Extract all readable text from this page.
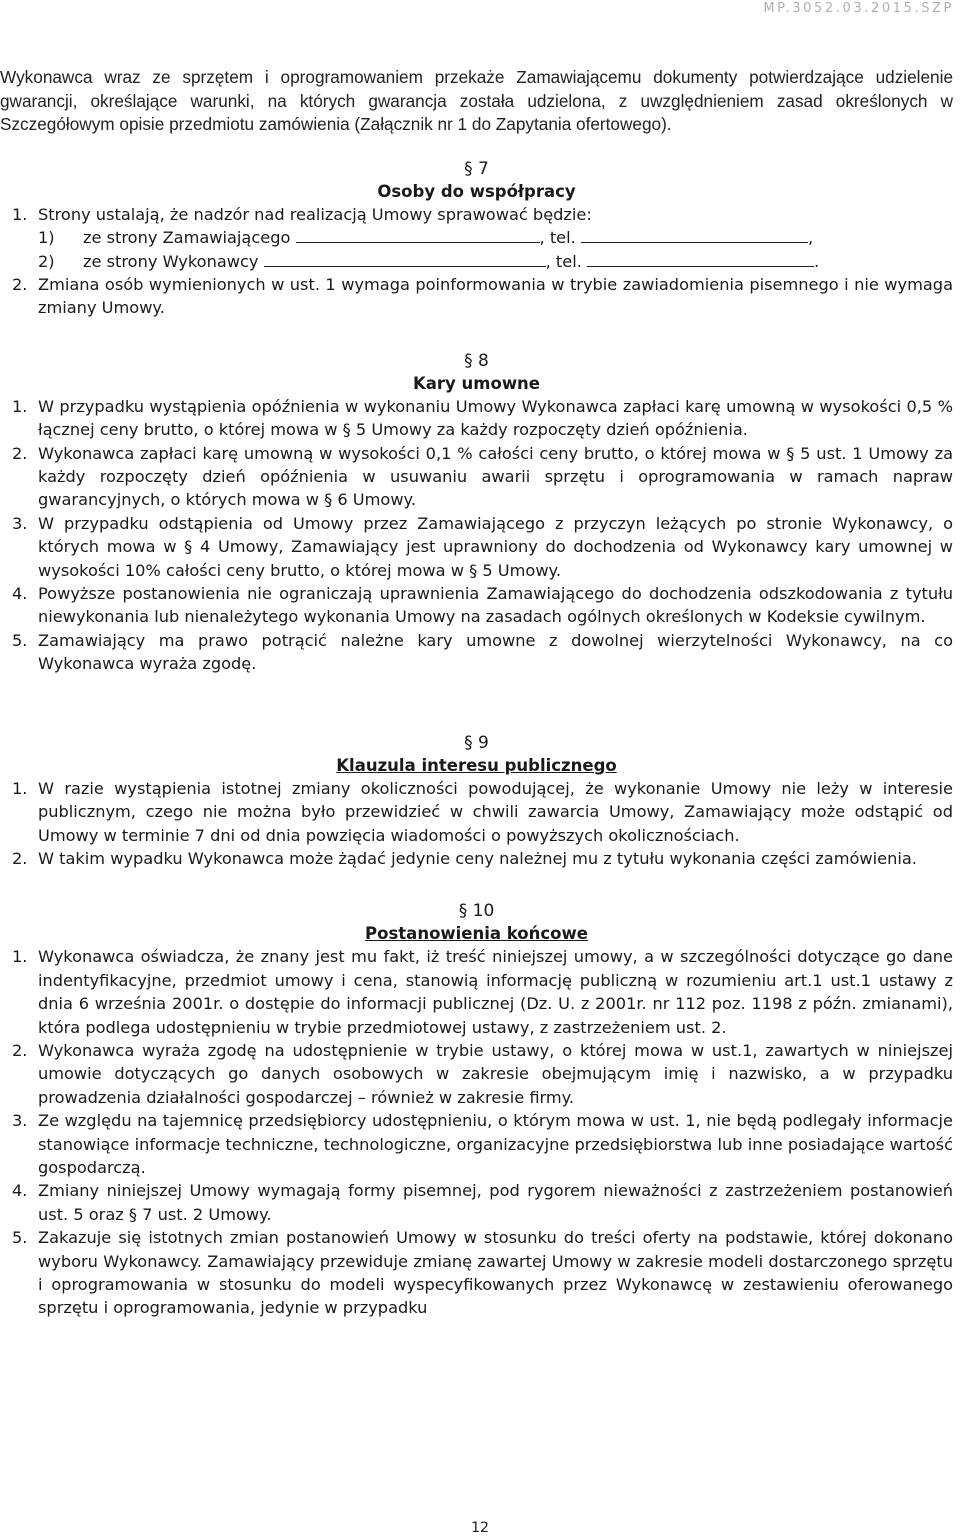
MP.3052.03.2015.SZP
Wykonawca wraz ze sprzętem i oprogramowaniem przekaże Zamawiającemu dokumenty potwierdzające udzielenie gwarancji, określające warunki, na których gwarancja została udzielona, z uwzględnieniem zasad określonych w Szczegółowym opisie przedmiotu zamówienia (Załącznik nr 1 do Zapytania ofertowego).
§ 7
Osoby do współpracy
1. Strony ustalają, że nadzór nad realizacją Umowy sprawować będzie:
1) ze strony Zamawiającego	, tel.	,
2) ze strony Wykonawcy	, tel.	.
2. Zmiana osób wymienionych w ust. 1 wymaga poinformowania w trybie zawiadomienia pisemnego i nie wymaga zmiany Umowy.
§ 8
Kary umowne
1. W przypadku wystąpienia opóźnienia w wykonaniu Umowy Wykonawca zapłaci karę umowną w wysokości 0,5 % łącznej ceny brutto, o której mowa w § 5 Umowy za każdy rozpoczęty dzień opóźnienia.
2. Wykonawca zapłaci karę umowną w wysokości 0,1 % całości ceny brutto, o której mowa w § 5 ust. 1 Umowy za każdy rozpoczęty dzień opóźnienia w usuwaniu awarii sprzętu i oprogramowania w ramach napraw gwarancyjnych, o których mowa w § 6 Umowy.
3. W przypadku odstąpienia od Umowy przez Zamawiającego z przyczyn leżących po stronie Wykonawcy, o których mowa w § 4 Umowy, Zamawiający jest uprawniony do dochodzenia od Wykonawcy kary umownej w wysokości 10% całości ceny brutto, o której mowa w § 5 Umowy.
4. Powyższe postanowienia nie ograniczają uprawnienia Zamawiającego do dochodzenia odszkodowania z tytułu niewykonania lub nienależytego wykonania Umowy na zasadach ogólnych określonych w Kodeksie cywilnym.
5. Zamawiający ma prawo potrącić należne kary umowne z dowolnej wierzytelności Wykonawcy, na co Wykonawca wyraża zgodę.
§ 9
Klauzula interesu publicznego
1. W razie wystąpienia istotnej zmiany okoliczności powodującej, że wykonanie Umowy nie leży w interesie publicznym, czego nie można było przewidzieć w chwili zawarcia Umowy, Zamawiający może odstąpić od Umowy w terminie 7 dni od dnia powzięcia wiadomości o powyższych okolicznościach.
2. W takim wypadku Wykonawca może żądać jedynie ceny należnej mu z tytułu wykonania części zamówienia.
§ 10
Postanowienia końcowe
1. Wykonawca oświadcza, że znany jest mu fakt, iż treść niniejszej umowy, a w szczególności dotyczące go dane indentyfikacyjne, przedmiot umowy i cena, stanowią informację publiczną w rozumieniu art.1 ust.1 ustawy z dnia 6 września 2001r. o dostępie do informacji publicznej (Dz. U. z 2001r. nr 112 poz. 1198 z późn. zmianami), która podlega udostępnieniu w trybie przedmiotowej ustawy, z zastrzeżeniem ust. 2.
2. Wykonawca wyraża zgodę na udostępnienie w trybie ustawy, o której mowa w ust.1, zawartych w niniejszej umowie dotyczących go danych osobowych w zakresie obejmującym imię i nazwisko, a w przypadku prowadzenia działalności gospodarczej – również w zakresie firmy.
3. Ze względu na tajemnicę przedsiębiorcy udostępnieniu, o którym mowa w ust. 1, nie będą podlegały informacje stanowiące informacje techniczne, technologiczne, organizacyjne przedsiębiorstwa lub inne posiadające wartość gospodarczą.
4. Zmiany niniejszej Umowy wymagają formy pisemnej, pod rygorem nieważności z zastrzeżeniem postanowień ust. 5 oraz § 7 ust. 2 Umowy.
5. Zakazuje się istotnych zmian postanowień Umowy w stosunku do treści oferty na podstawie, której dokonano wyboru Wykonawcy. Zamawiający przewiduje zmianę zawartej Umowy w zakresie modeli dostarczonego sprzętu i oprogramowania w stosunku do modeli wyspecyfikowanych przez Wykonawcę w zestawieniu oferowanego sprzętu i oprogramowania, jedynie w przypadku
12
